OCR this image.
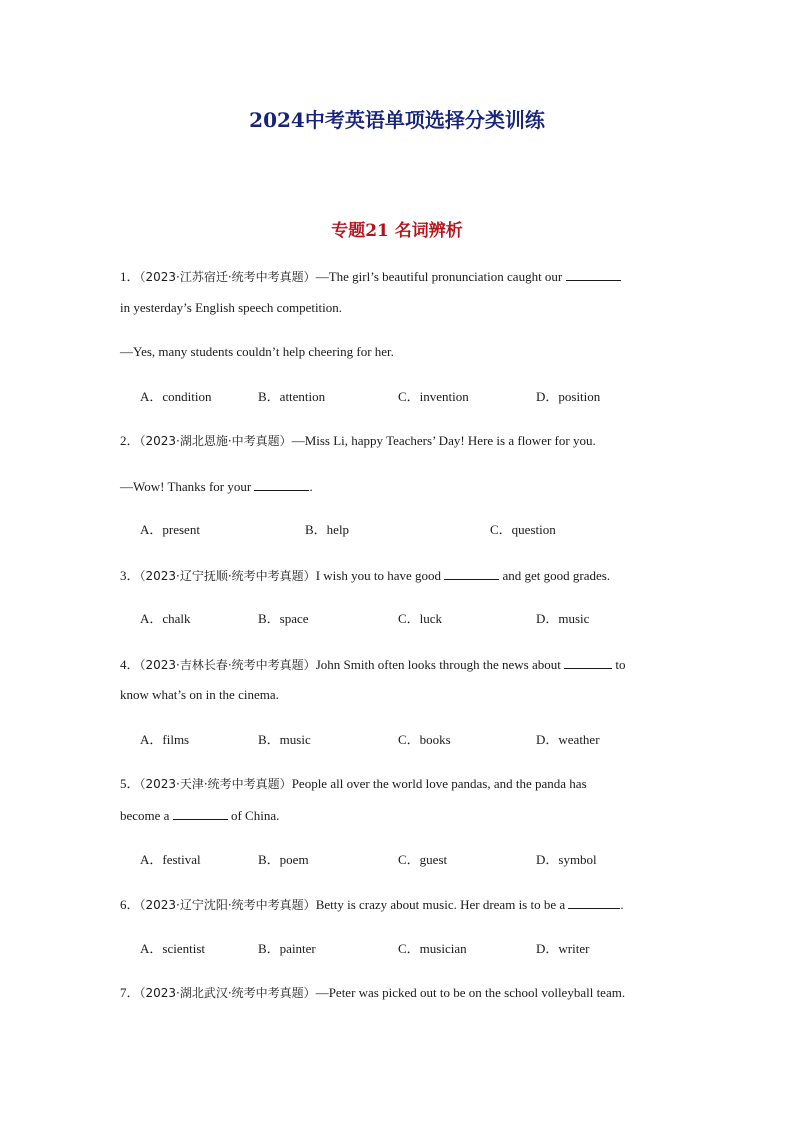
2024中考英语单项选择分类训练
专题21 名词辨析
1．（2023·江苏宿迁·统考中考真题）—The girl’s beautiful pronunciation caught our
in yesterday’s English speech competition.
—Yes, many students couldn’t help cheering for her.
A．condition	B．attention	C．invention	D．position
2．（2023·湖北恩施·中考真题）—Miss Li, happy Teachers’ Day! Here is a flower for you.
—Wow! Thanks for your	.
A．present	B．help	C．question
3．（2023·辽宁抚顺·统考中考真题）I wish you to have good	and get good grades.
A．chalk	B．space	C．luck	D．music
4．（2023·吉林长春·统考中考真题）John Smith often looks through the news about	to
know what’s on in the cinema.
A．films	B．music	C．books	D．weather
5．（2023·天津·统考中考真题）People all over the world love pandas, and the panda has
become a	of China.
A．festival	B．poem	C．guest	D．symbol
6．（2023·辽宁沈阳·统考中考真题）Betty is crazy about music. Her dream is to be a	.
A．scientist	B．painter	C．musician	D．writer
7．（2023·湖北武汉·统考中考真题）—Peter was picked out to be on the school volleyball team.
